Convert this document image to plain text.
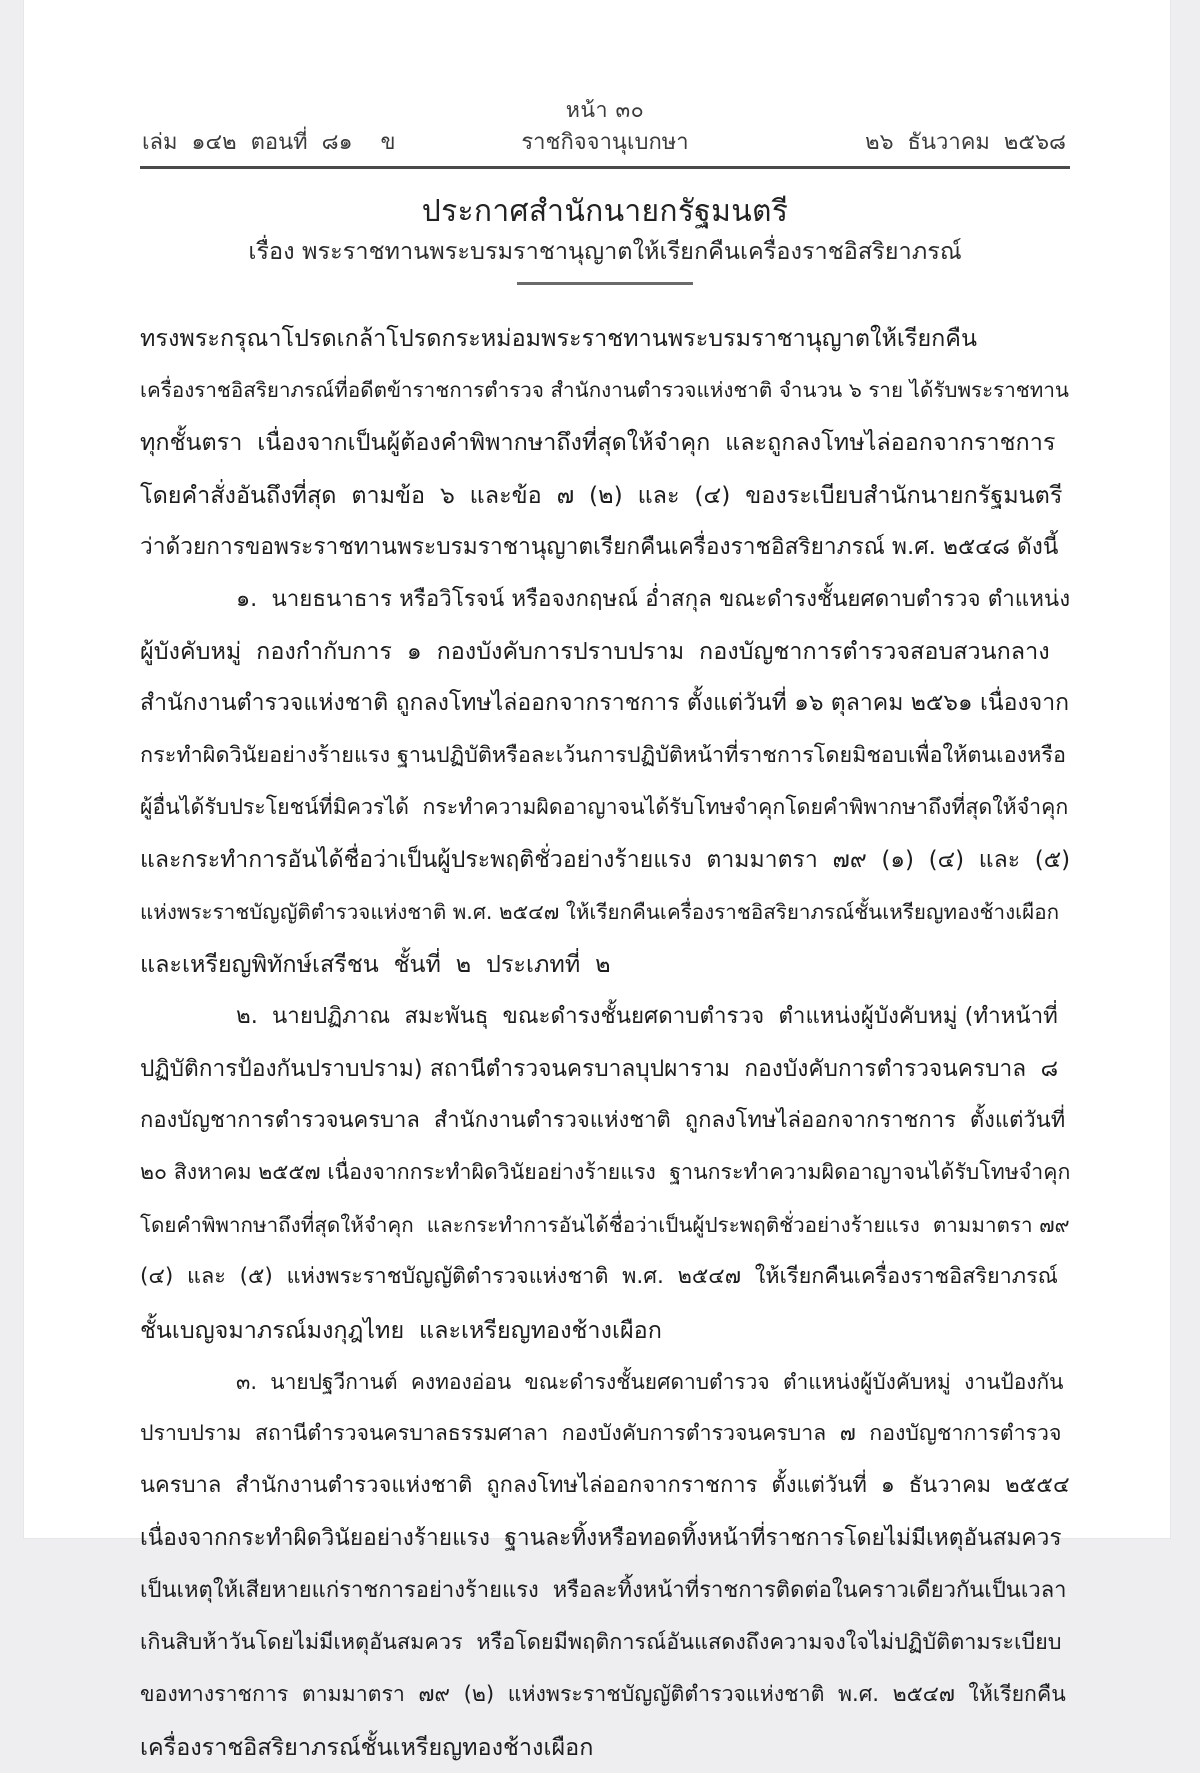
หน้า ๓๐
เล่ม  ๑๔๒  ตอนที่  ๘๑    ข	ราชกิจจานุเบกษา	๒๖  ธันวาคม  ๒๕๖๘
ประกาศสำนักนายกรัฐมนตรี
เรื่อง พระราชทานพระบรมราชานุญาตให้เรียกคืนเครื่องราชอิสริยาภรณ์
ทรงพระกรุณาโปรดเกล้าโปรดกระหม่อมพระราชทานพระบรมราชานุญาตให้เรียกคืน
เครื่องราชอิสริยาภรณ์ที่อดีตข้าราชการตำรวจ สำนักงานตำรวจแห่งชาติ จำนวน ๖ ราย ได้รับพระราชทาน
ทุกชั้นตรา  เนื่องจากเป็นผู้ต้องคำพิพากษาถึงที่สุดให้จำคุก  และถูกลงโทษไล่ออกจากราชการ
โดยคำสั่งอันถึงที่สุด  ตามข้อ  ๖  และข้อ  ๗  (๒)  และ  (๔)  ของระเบียบสำนักนายกรัฐมนตรี
ว่าด้วยการขอพระราชทานพระบรมราชานุญาตเรียกคืนเครื่องราชอิสริยาภรณ์ พ.ศ. ๒๕๔๘ ดังนี้
๑.  นายธนาธาร หรือวิโรจน์ หรือจงกฤษณ์ อ่ำสกุล ขณะดำรงชั้นยศดาบตำรวจ ตำแหน่ง
ผู้บังคับหมู่  กองกำกับการ  ๑  กองบังคับการปราบปราม  กองบัญชาการตำรวจสอบสวนกลาง
สำนักงานตำรวจแห่งชาติ ถูกลงโทษไล่ออกจากราชการ ตั้งแต่วันที่ ๑๖ ตุลาคม ๒๕๖๑ เนื่องจาก
กระทำผิดวินัยอย่างร้ายแรง ฐานปฏิบัติหรือละเว้นการปฏิบัติหน้าที่ราชการโดยมิชอบเพื่อให้ตนเองหรือ
ผู้อื่นได้รับประโยชน์ที่มิควรได้  กระทำความผิดอาญาจนได้รับโทษจำคุกโดยคำพิพากษาถึงที่สุดให้จำคุก
และกระทำการอันได้ชื่อว่าเป็นผู้ประพฤติชั่วอย่างร้ายแรง  ตามมาตรา  ๗๙  (๑)  (๔)  และ  (๕)
แห่งพระราชบัญญัติตำรวจแห่งชาติ พ.ศ. ๒๕๔๗ ให้เรียกคืนเครื่องราชอิสริยาภรณ์ชั้นเหรียญทองช้างเผือก
และเหรียญพิทักษ์เสรีชน  ชั้นที่  ๒  ประเภทที่  ๒
๒.  นายปฏิภาณ  สมะพันธุ  ขณะดำรงชั้นยศดาบตำรวจ  ตำแหน่งผู้บังคับหมู่ (ทำหน้าที่
ปฏิบัติการป้องกันปราบปราม) สถานีตำรวจนครบาลบุปผาราม  กองบังคับการตำรวจนครบาล  ๘
กองบัญชาการตำรวจนครบาล  สำนักงานตำรวจแห่งชาติ  ถูกลงโทษไล่ออกจากราชการ  ตั้งแต่วันที่
๒๐ สิงหาคม ๒๕๕๗ เนื่องจากกระทำผิดวินัยอย่างร้ายแรง  ฐานกระทำความผิดอาญาจนได้รับโทษจำคุก
โดยคำพิพากษาถึงที่สุดให้จำคุก  และกระทำการอันได้ชื่อว่าเป็นผู้ประพฤติชั่วอย่างร้ายแรง  ตามมาตรา ๗๙
(๔)  และ  (๕)  แห่งพระราชบัญญัติตำรวจแห่งชาติ  พ.ศ.  ๒๕๔๗  ให้เรียกคืนเครื่องราชอิสริยาภรณ์
ชั้นเบญจมาภรณ์มงกุฎไทย  และเหรียญทองช้างเผือก
๓.  นายปฐวีกานต์  คงทองอ่อน  ขณะดำรงชั้นยศดาบตำรวจ  ตำแหน่งผู้บังคับหมู่  งานป้องกัน
ปราบปราม  สถานีตำรวจนครบาลธรรมศาลา  กองบังคับการตำรวจนครบาล  ๗  กองบัญชาการตำรวจ
นครบาล  สำนักงานตำรวจแห่งชาติ  ถูกลงโทษไล่ออกจากราชการ  ตั้งแต่วันที่  ๑  ธันวาคม  ๒๕๕๔
เนื่องจากกระทำผิดวินัยอย่างร้ายแรง  ฐานละทิ้งหรือทอดทิ้งหน้าที่ราชการโดยไม่มีเหตุอันสมควร
เป็นเหตุให้เสียหายแก่ราชการอย่างร้ายแรง  หรือละทิ้งหน้าที่ราชการติดต่อในคราวเดียวกันเป็นเวลา
เกินสิบห้าวันโดยไม่มีเหตุอันสมควร  หรือโดยมีพฤติการณ์อันแสดงถึงความจงใจไม่ปฏิบัติตามระเบียบ
ของทางราชการ  ตามมาตรา  ๗๙  (๒)  แห่งพระราชบัญญัติตำรวจแห่งชาติ  พ.ศ.  ๒๕๔๗  ให้เรียกคืน
เครื่องราชอิสริยาภรณ์ชั้นเหรียญทองช้างเผือก
